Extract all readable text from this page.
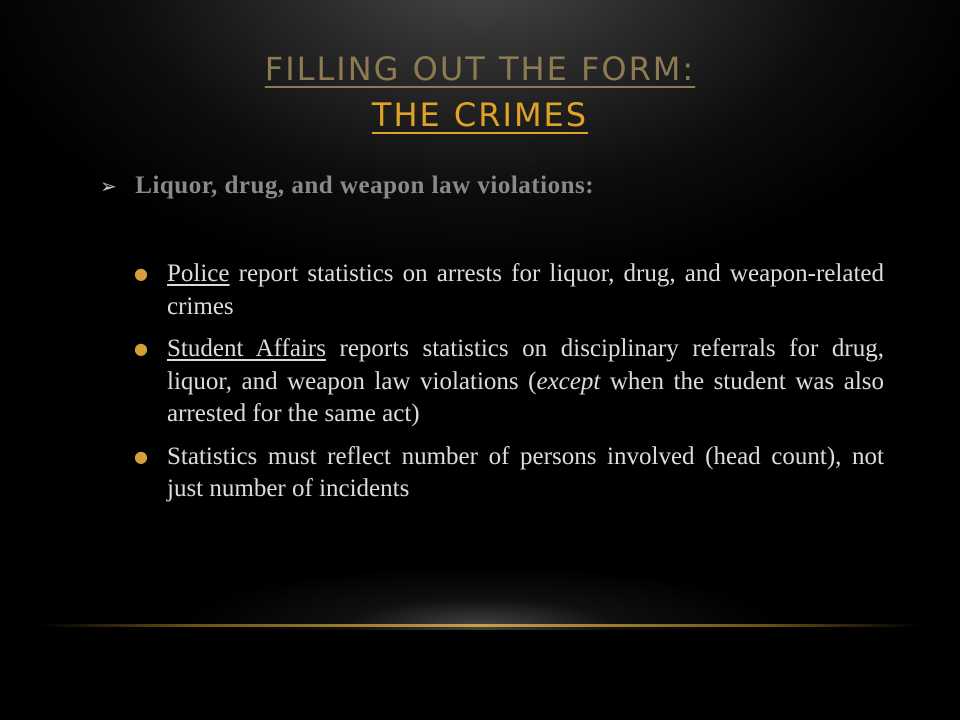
FILLING OUT THE FORM:
THE CRIMES
➢ Liquor, drug, and weapon law violations:
● Police report statistics on arrests for liquor, drug, and weapon-related crimes
● Student Affairs reports statistics on disciplinary referrals for drug, liquor, and weapon law violations (except when the student was also arrested for the same act)
● Statistics must reflect number of persons involved (head count), not just number of incidents
